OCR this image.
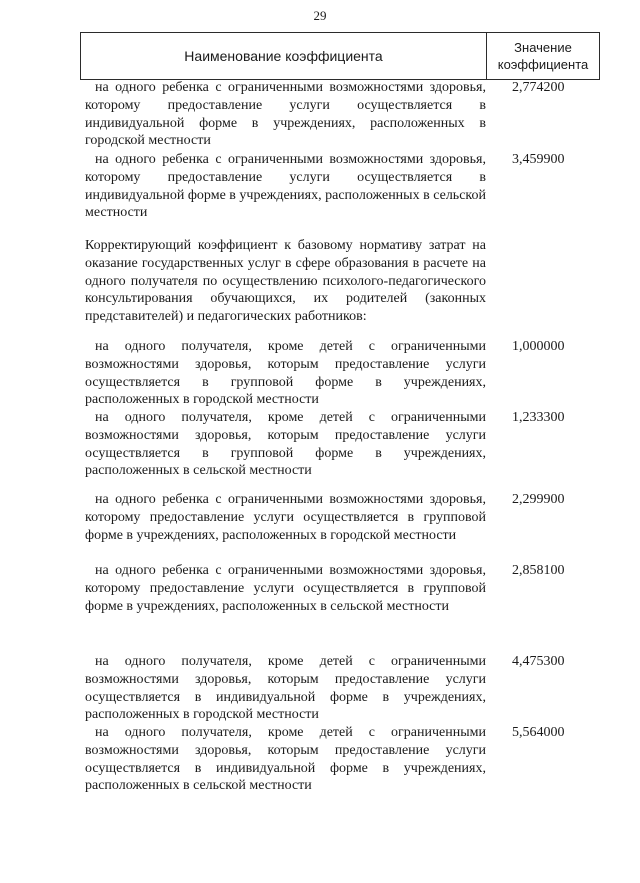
29
Наименование коэффициента
Значение коэффициента
на одного ребенка с ограниченными возможностями здоровья, которому предоставление услуги осуществляется в индивидуальной форме в учреждениях, расположенных в городской местности
2,774200
на одного ребенка с ограниченными возможностями здоровья, которому предоставление услуги осуществляется в индивидуальной форме в учреждениях, расположенных в сельской местности
3,459900
Корректирующий коэффициент к базовому нормативу затрат на оказание государственных услуг в сфере образования в расчете на одного получателя по осуществлению психолого-педагогического консультирования обучающихся, их родителей (законных представителей) и педагогических работников:
на одного получателя, кроме детей с ограниченными возможностями здоровья, которым предоставление услуги осуществляется в групповой форме в учреждениях, расположенных в городской местности
1,000000
на одного получателя, кроме детей с ограниченными возможностями здоровья, которым предоставление услуги осуществляется в групповой форме в учреждениях, расположенных в сельской местности
1,233300
на одного ребенка с ограниченными возможностями здоровья, которому предоставление услуги осуществляется в групповой форме в учреждениях, расположенных в городской местности
2,299900
на одного ребенка с ограниченными возможностями здоровья, которому предоставление услуги осуществляется в групповой форме в учреждениях, расположенных в сельской местности
2,858100
на одного получателя, кроме детей с ограниченными возможностями здоровья, которым предоставление услуги осуществляется в индивидуальной форме в учреждениях, расположенных в городской местности
4,475300
на одного получателя, кроме детей с ограниченными возможностями здоровья, которым предоставление услуги осуществляется в индивидуальной форме в учреждениях, расположенных в сельской местности
5,564000
